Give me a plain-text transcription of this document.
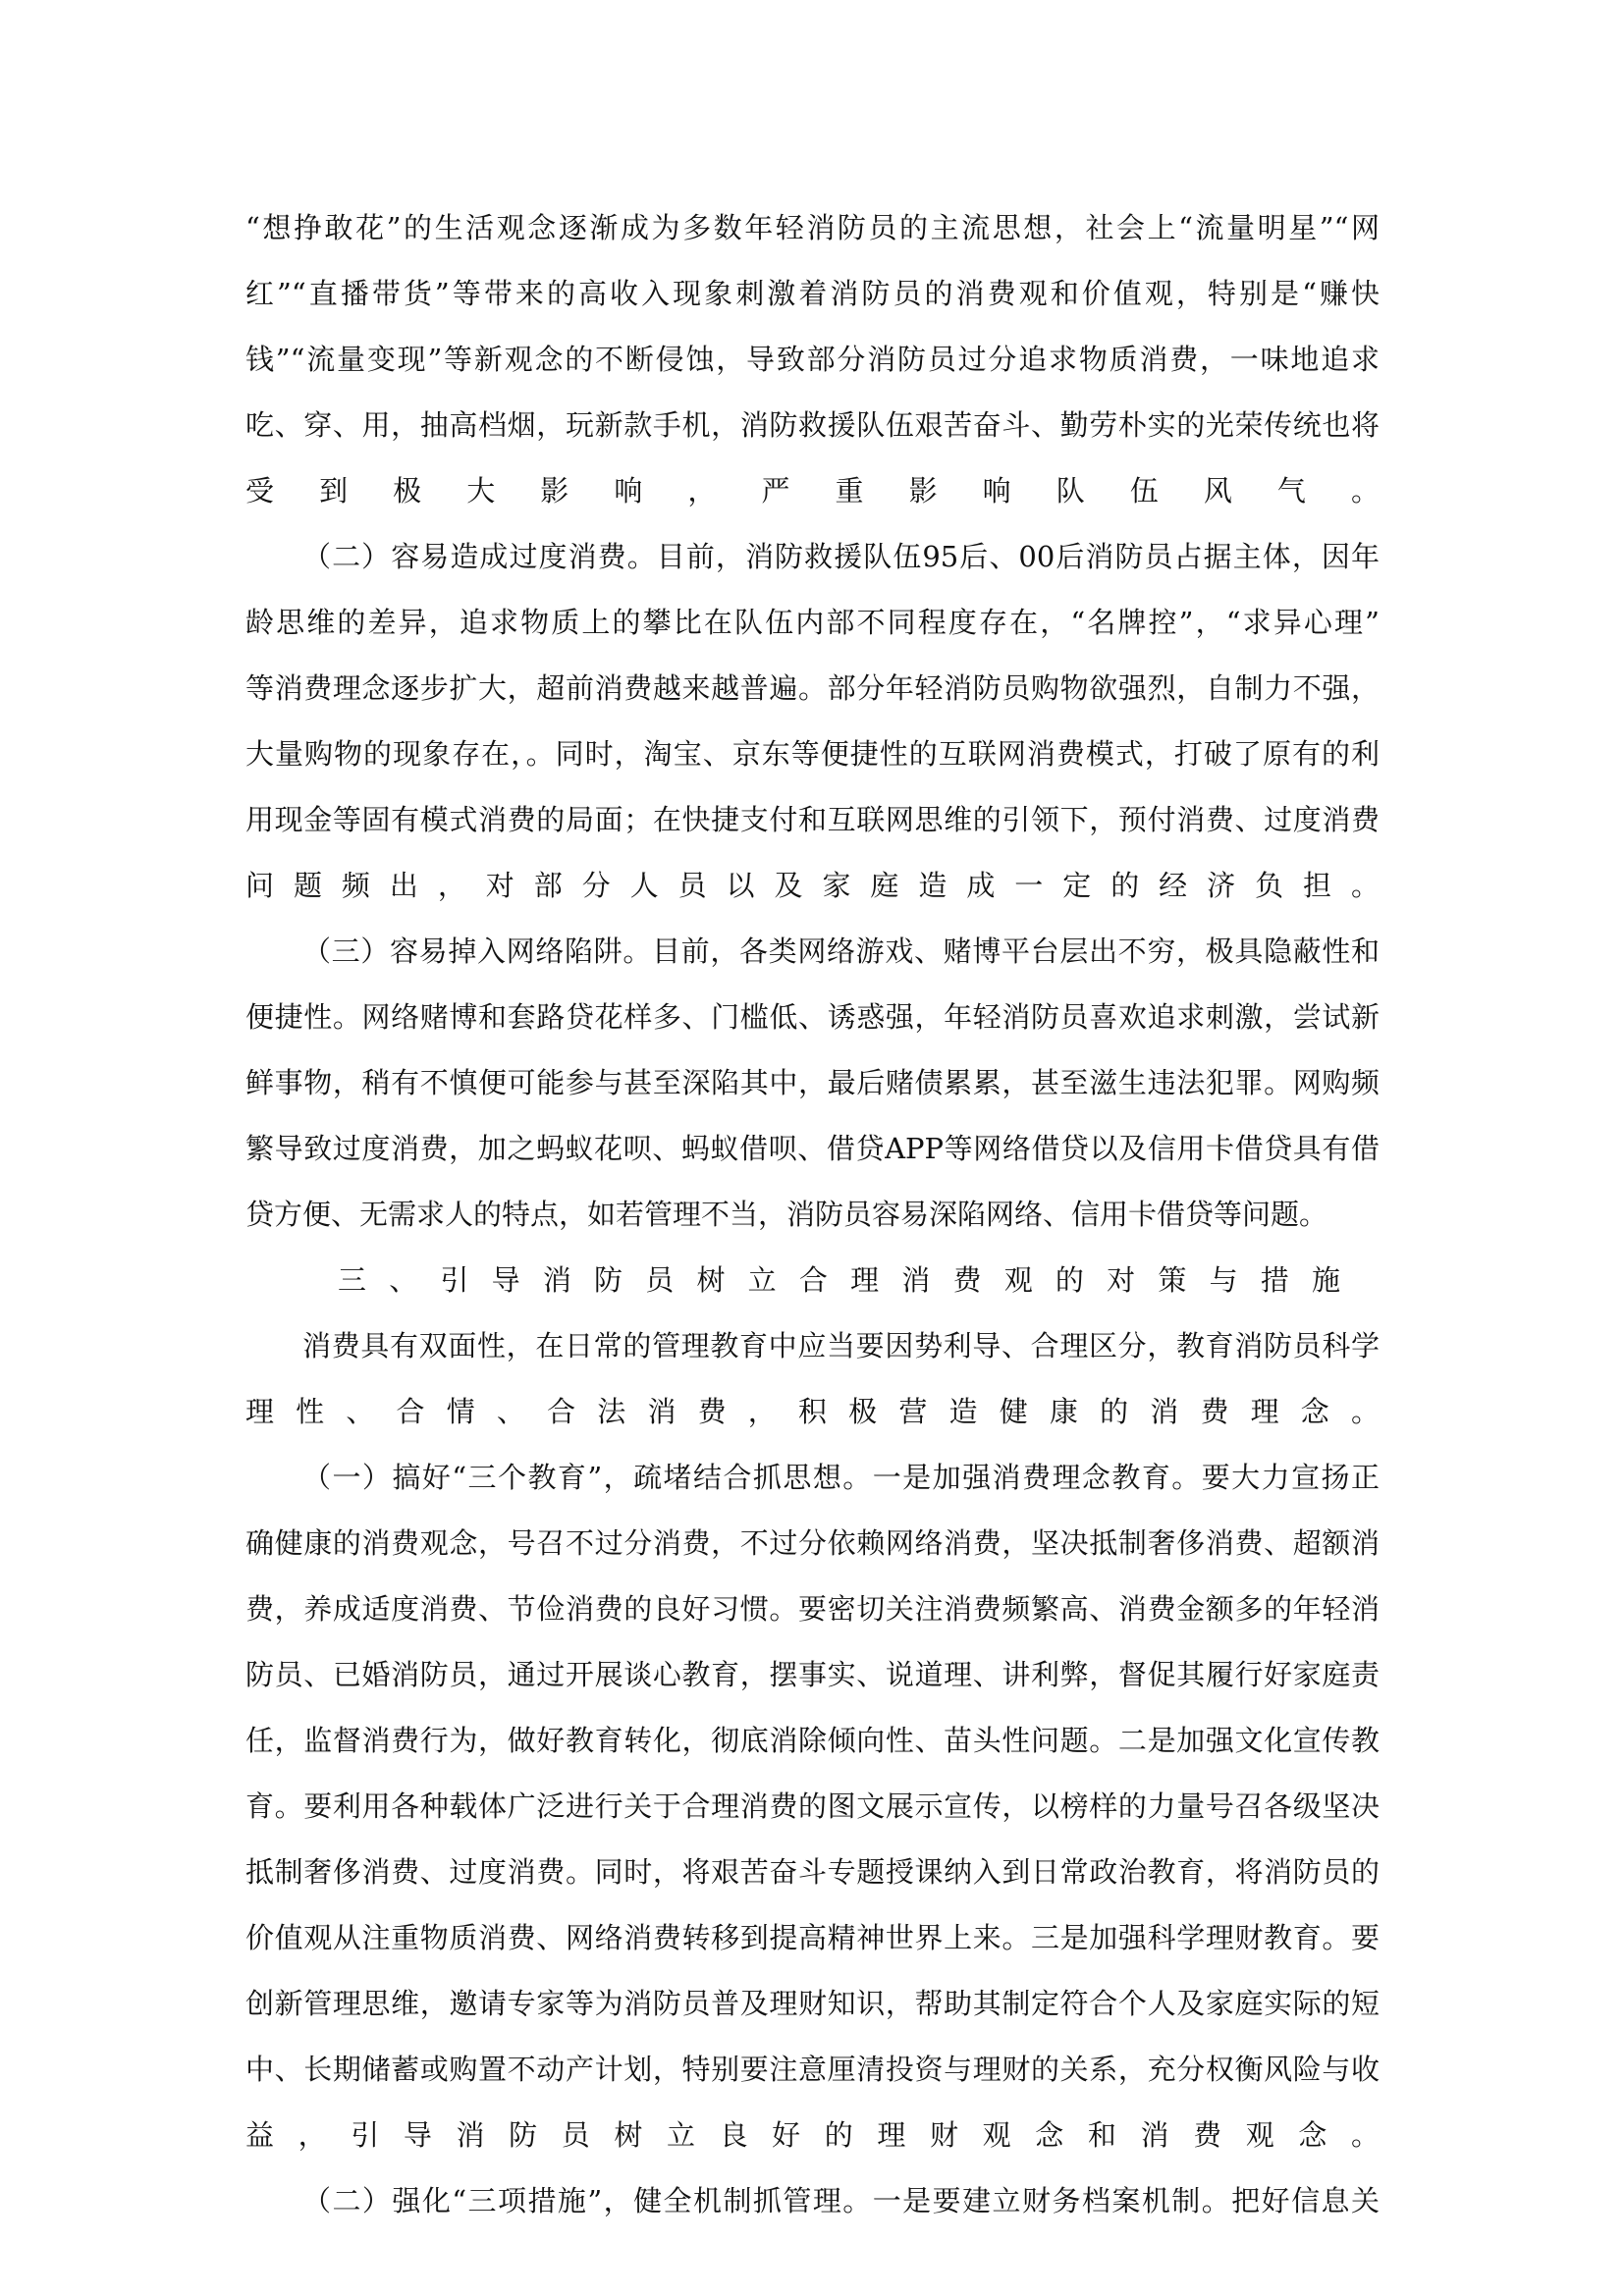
“想挣敢花”的生活观念逐渐成为多数年轻消防员的主流思想，社会上“流量明星”“网
红”“直播带货”等带来的高收入现象刺激着消防员的消费观和价值观，特别是“赚快
钱”“流量变现”等新观念的不断侵蚀，导致部分消防员过分追求物质消费，一味地追求
吃、穿、用，抽高档烟，玩新款手机，消防救援队伍艰苦奋斗、勤劳朴实的光荣传统也将
受到极大影响，严重影响队伍风气。
（二）容易造成过度消费。目前，消防救援队伍95后、00后消防员占据主体，因年
龄思维的差异，追求物质上的攀比在队伍内部不同程度存在，“名牌控”，“求异心理”
等消费理念逐步扩大，超前消费越来越普遍。部分年轻消防员购物欲强烈，自制力不强，
大量购物的现象存在，。同时，淘宝、京东等便捷性的互联网消费模式，打破了原有的利
用现金等固有模式消费的局面；在快捷支付和互联网思维的引领下，预付消费、过度消费
问题频出，对部分人员以及家庭造成一定的经济负担。
（三）容易掉入网络陷阱。目前，各类网络游戏、赌博平台层出不穷，极具隐蔽性和
便捷性。网络赌博和套路贷花样多、门槛低、诱惑强，年轻消防员喜欢追求刺激，尝试新
鲜事物，稍有不慎便可能参与甚至深陷其中，最后赌债累累，甚至滋生违法犯罪。网购频
繁导致过度消费，加之蚂蚁花呗、蚂蚁借呗、借贷APP等网络借贷以及信用卡借贷具有借
贷方便、无需求人的特点，如若管理不当，消防员容易深陷网络、信用卡借贷等问题。
三、引导消防员树立合理消费观的对策与措施
消费具有双面性，在日常的管理教育中应当要因势利导、合理区分，教育消防员科学
理性、合情、合法消费，积极营造健康的消费理念。
（一）搞好“三个教育”，疏堵结合抓思想。一是加强消费理念教育。要大力宣扬正
确健康的消费观念，号召不过分消费，不过分依赖网络消费，坚决抵制奢侈消费、超额消
费，养成适度消费、节俭消费的良好习惯。要密切关注消费频繁高、消费金额多的年轻消
防员、已婚消防员，通过开展谈心教育，摆事实、说道理、讲利弊，督促其履行好家庭责
任，监督消费行为，做好教育转化，彻底消除倾向性、苗头性问题。二是加强文化宣传教
育。要利用各种载体广泛进行关于合理消费的图文展示宣传，以榜样的力量号召各级坚决
抵制奢侈消费、过度消费。同时，将艰苦奋斗专题授课纳入到日常政治教育，将消防员的
价值观从注重物质消费、网络消费转移到提高精神世界上来。三是加强科学理财教育。要
创新管理思维，邀请专家等为消防员普及理财知识，帮助其制定符合个人及家庭实际的短
中、长期储蓄或购置不动产计划，特别要注意厘清投资与理财的关系，充分权衡风险与收
益，引导消防员树立良好的理财观念和消费观念。
（二）强化“三项措施”，健全机制抓管理。一是要建立财务档案机制。把好信息关
